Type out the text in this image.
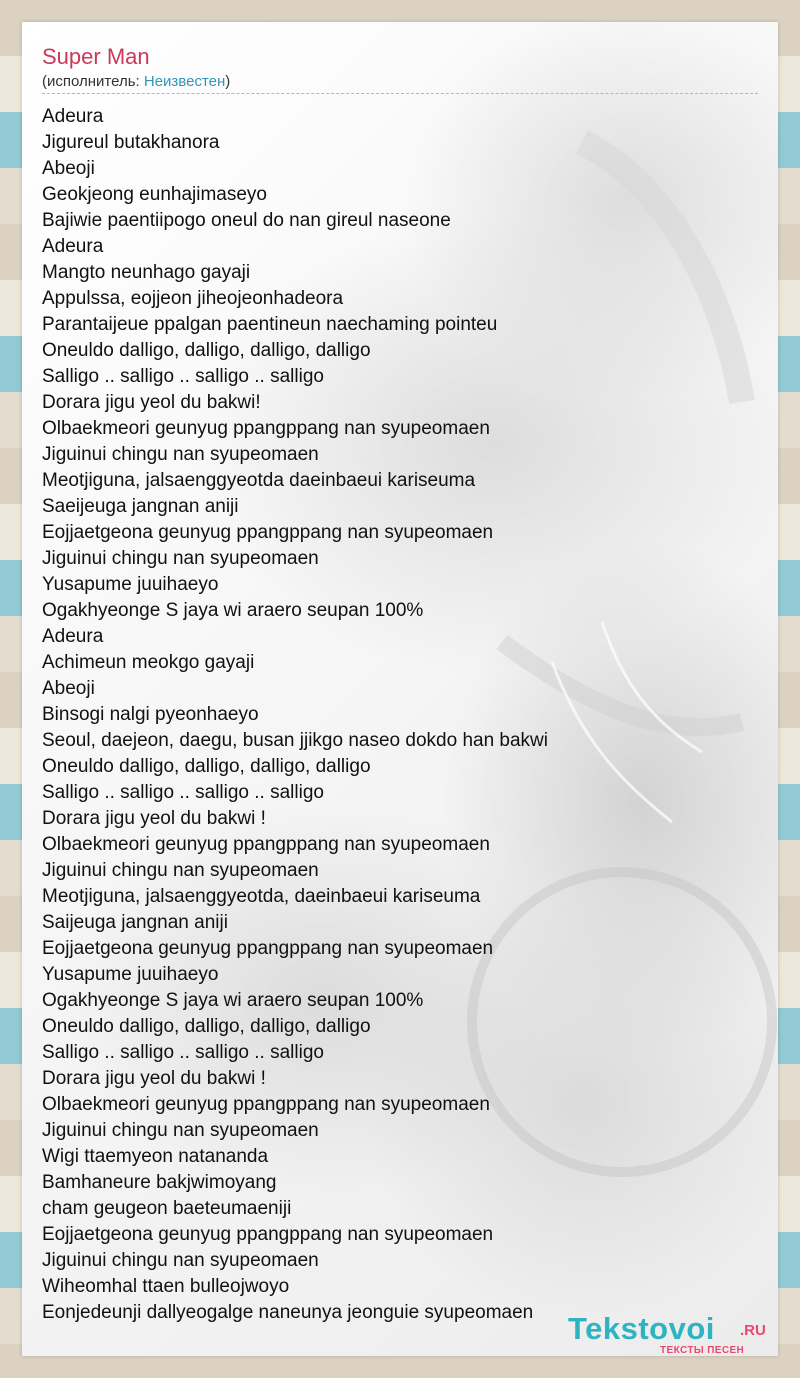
Super Man
(исполнитель: Неизвестен)
Adeura
Jigureul butakhanora
Abeoji
Geokjeong eunhajimaseyo
Bajiwie paentiipogo oneul do nan gireul naseone
Adeura
Mangto neunhago gayaji
Appulssa, eojjeon jiheojeonhadeora
Parantaijeue ppalgan paentineun naechaming pointeu
Oneuldo dalligo, dalligo, dalligo, dalligo
Salligo .. salligo .. salligo .. salligo
Dorara jigu yeol du bakwi!
Olbaekmeori geunyug ppangppang nan syupeomaen
Jiguinui chingu nan syupeomaen
Meotjiguna, jalsaenggyeotda daeinbaeui kariseuma
Saeijeuga jangnan aniji
Eojjaetgeona geunyug ppangppang nan syupeomaen
Jiguinui chingu nan syupeomaen
Yusapume juuihaeyo
Ogakhyeonge S jaya wi araero seupan 100%
Adeura
Achimeun meokgo gayaji
Abeoji
Binsogi nalgi pyeonhaeyo
Seoul, daejeon, daegu, busan jjikgo naseo dokdo han bakwi
Oneuldo dalligo, dalligo, dalligo, dalligo
Salligo .. salligo .. salligo .. salligo
Dorara jigu yeol du bakwi !
Olbaekmeori geunyug ppangppang nan syupeomaen
Jiguinui chingu nan syupeomaen
Meotjiguna, jalsaenggyeotda, daeinbaeui kariseuma
Saijeuga jangnan aniji
Eojjaetgeona geunyug ppangppang nan syupeomaen
Yusapume juuihaeyo
Ogakhyeonge S jaya wi araero seupan 100%
Oneuldo dalligo, dalligo, dalligo, dalligo
Salligo .. salligo .. salligo .. salligo
Dorara jigu yeol du bakwi !
Olbaekmeori geunyug ppangppang nan syupeomaen
Jiguinui chingu nan syupeomaen
Wigi ttaemyeon natananda
Bamhaneure bakjwimoyang
cham geugeon baeteumaeniji
Eojjaetgeona geunyug ppangppang nan syupeomaen
Jiguinui chingu nan syupeomaen
Wiheomhal ttaen bulleojwoyo
Eonjedeunji dallyeogalge naneunya jeonguie syupeomaen	Tekstovoi .RU
ТЕКСТЫ ПЕСЕН
